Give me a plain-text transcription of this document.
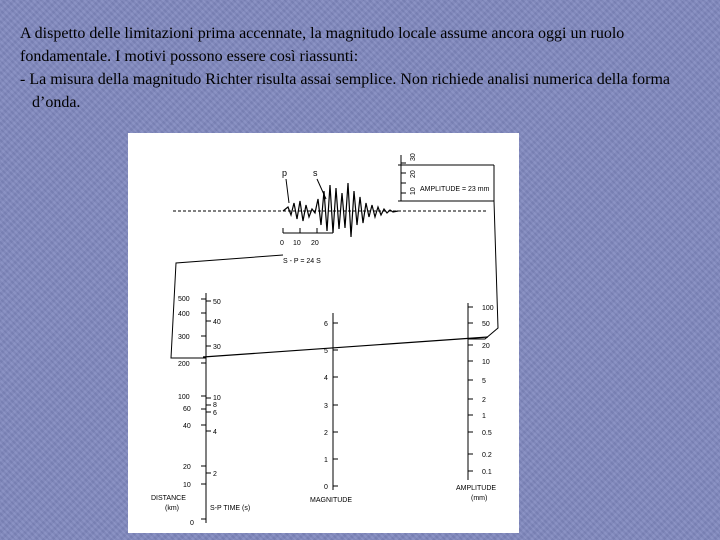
A dispetto delle limitazioni prima accennate, la magnitudo locale assume ancora oggi un ruolo fondamentale. I motivi possono essere così riassunti:

- La misura della magnitudo Richter risulta assai semplice. Non richiede analisi numerica della forma d’onda.

30
20
10 AMPLITUDE = 23 mm
p	s
0 10 20
S - P = 24 S
500
400
300
200
100
60
40
20
10
0
50
40
30
10
8
6
4
2
DISTANCE
(km)	S-P TIME (s)
6
5
4
3
2
1
0
MAGNITUDE
100
50
20
10
5
2
1
0.5
0.2
0.1
AMPLITUDE
(mm)
